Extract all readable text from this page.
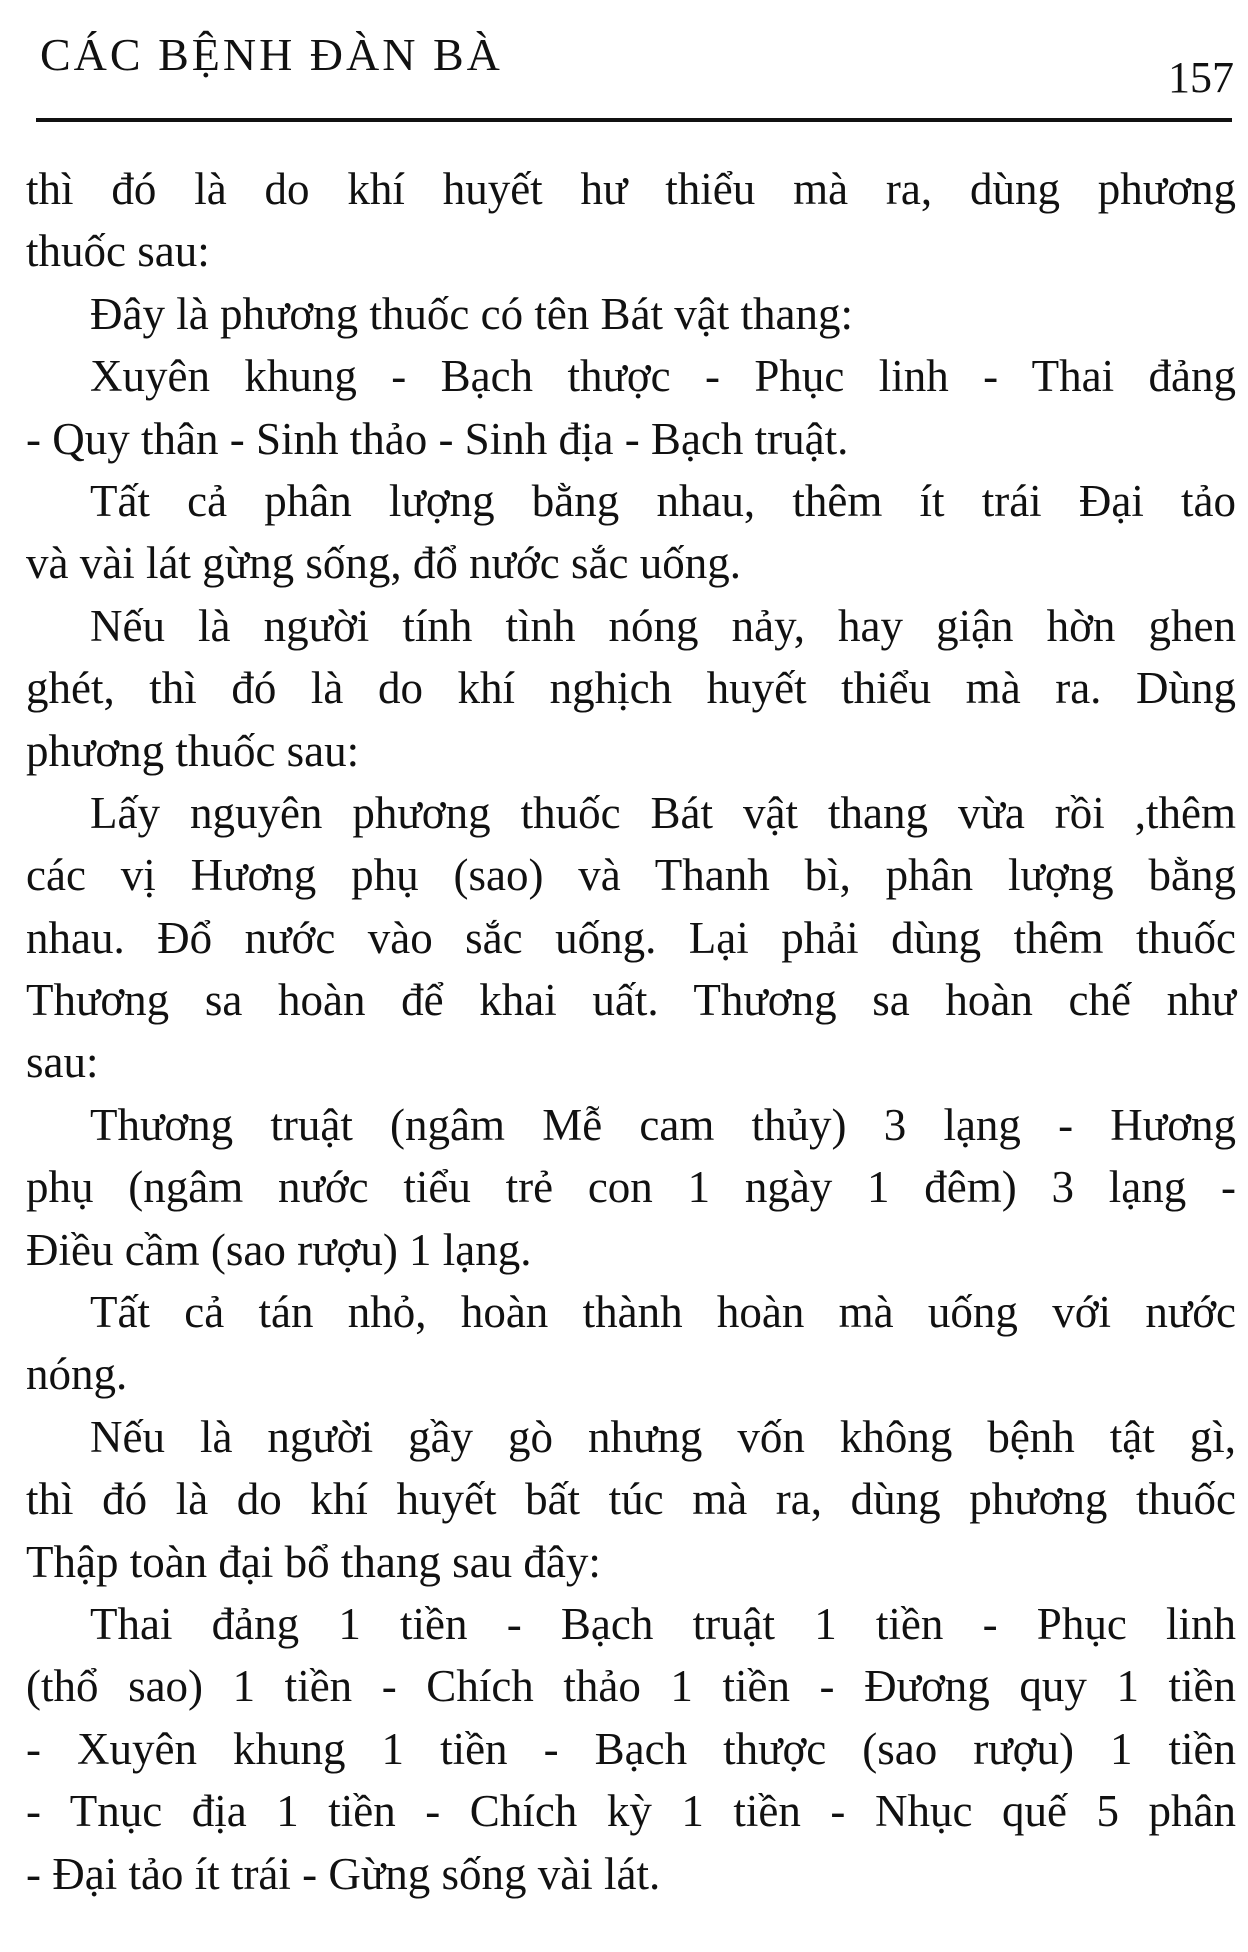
CÁC BỆNH ĐÀN BÀ	157
thì đó là do khí huyết hư thiểu mà ra, dùng phương
thuốc sau:
Đây là phương thuốc có tên Bát vật thang:
Xuyên khung - Bạch thược - Phục linh - Thai đảng
- Quy thân - Sinh thảo - Sinh địa - Bạch truật.
Tất cả phân lượng bằng nhau, thêm ít trái Đại tảo
và vài lát gừng sống, đổ nước sắc uống.
Nếu là người tính tình nóng nảy, hay giận hờn ghen
ghét, thì đó là do khí nghịch huyết thiểu mà ra. Dùng
phương thuốc sau:
Lấy nguyên phương thuốc Bát vật thang vừa rồi ,thêm
các vị Hương phụ (sao) và Thanh bì, phân lượng bằng
nhau. Đổ nước vào sắc uống. Lại phải dùng thêm thuốc
Thương sa hoàn để khai uất. Thương sa hoàn chế như
sau:
Thương truật (ngâm Mễ cam thủy) 3 lạng - Hương
phụ (ngâm nước tiểu trẻ con 1 ngày 1 đêm) 3 lạng -
Điều cầm (sao rượu) 1 lạng.
Tất cả tán nhỏ, hoàn thành hoàn mà uống với nước
nóng.
Nếu là người gầy gò nhưng vốn không bệnh tật gì,
thì đó là do khí huyết bất túc mà ra, dùng phương thuốc
Thập toàn đại bổ thang sau đây:
Thai đảng 1 tiền - Bạch truật 1 tiền - Phục linh
(thổ sao) 1 tiền - Chích thảo 1 tiền - Đương quy 1 tiền
- Xuyên khung 1 tiền - Bạch thược (sao rượu) 1 tiền
- Tnục địa 1 tiền - Chích kỳ 1 tiền - Nhục quế 5 phân
- Đại tảo ít trái - Gừng sống vài lát.
